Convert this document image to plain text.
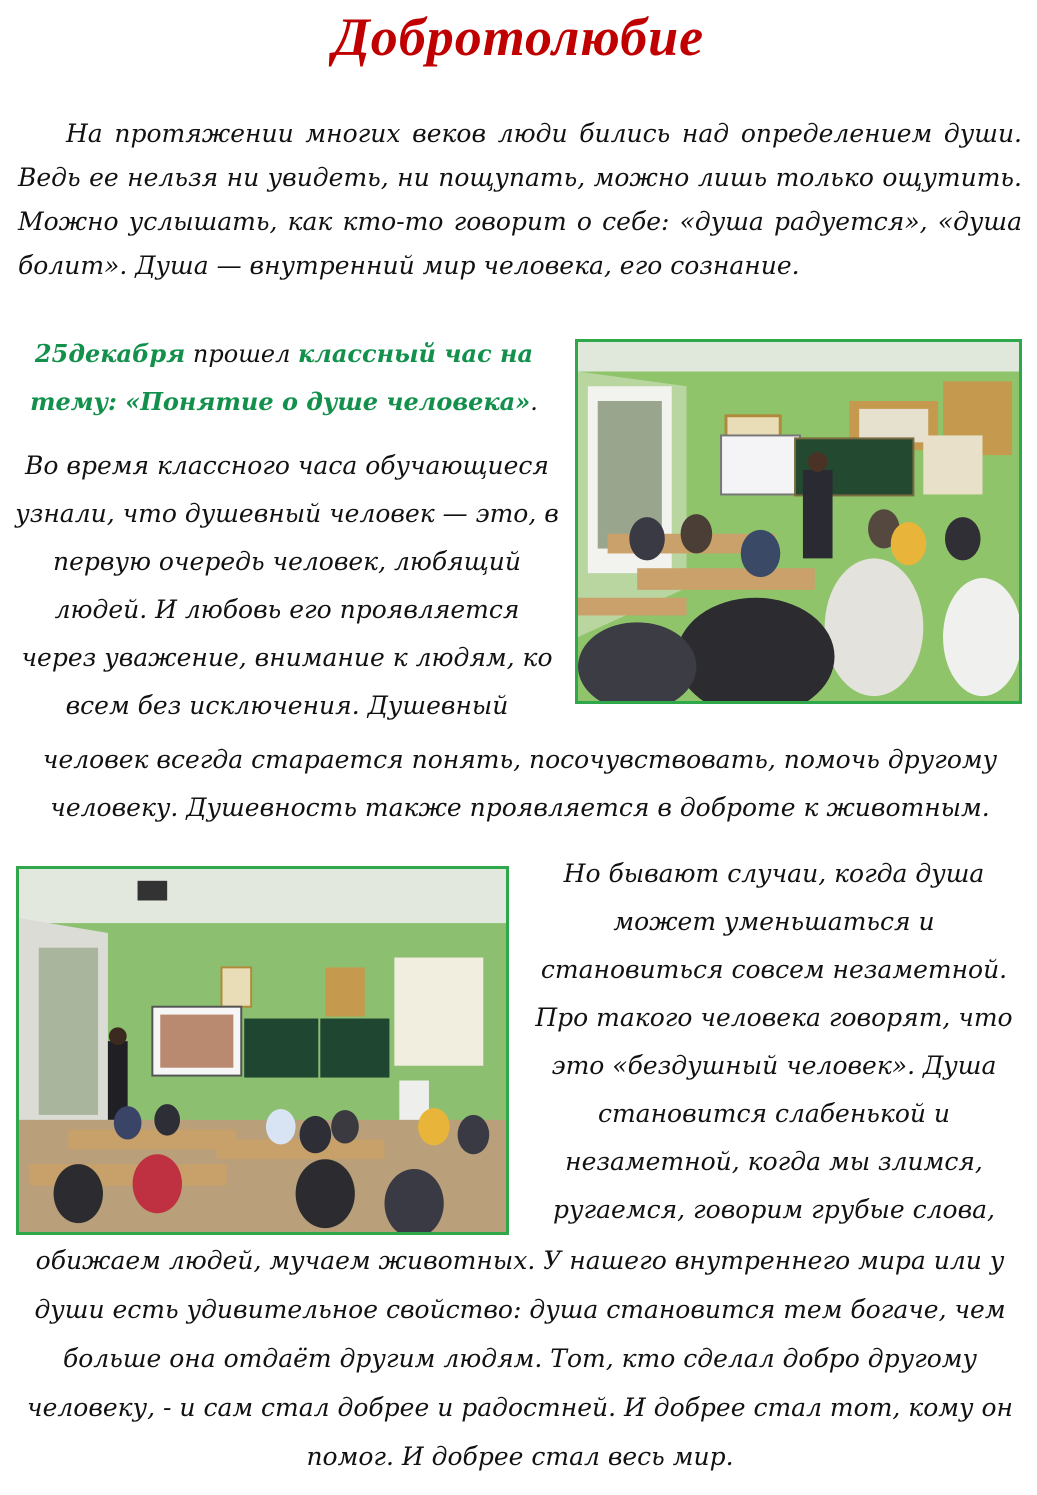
Добротолюбие

На протяжении многих веков люди бились над определением души. Ведь ее нельзя ни увидеть, ни пощупать, можно лишь только ощутить. Можно услышать, как кто-то говорит о себе: «душа радуется», «душа болит». Душа — внутренний мир человека, его сознание.

25декабря прошел классный час на тему: «Понятие о душе человека».

Во время классного часа обучающиеся узнали, что душевный человек — это, в первую очередь человек, любящий людей. И любовь его проявляется через уважение, внимание к людям, ко всем без исключения. Душевный

человек всегда старается понять, посочувствовать, помочь другому человеку. Душевность также проявляется в доброте к животным.

Но бывают случаи, когда душа может уменьшаться и становиться совсем незаметной. Про такого человека говорят, что это «бездушный человек». Душа становится слабенькой и незаметной, когда мы злимся, ругаемся, говорим грубые слова,

обижаем людей, мучаем животных. У нашего внутреннего мира или у души есть удивительное свойство: душа становится тем богаче, чем больше она отдаёт другим людям. Тот, кто сделал добро другому человеку, - и сам стал добрее и радостней. И добрее стал тот, кому он помог. И добрее стал весь мир.
